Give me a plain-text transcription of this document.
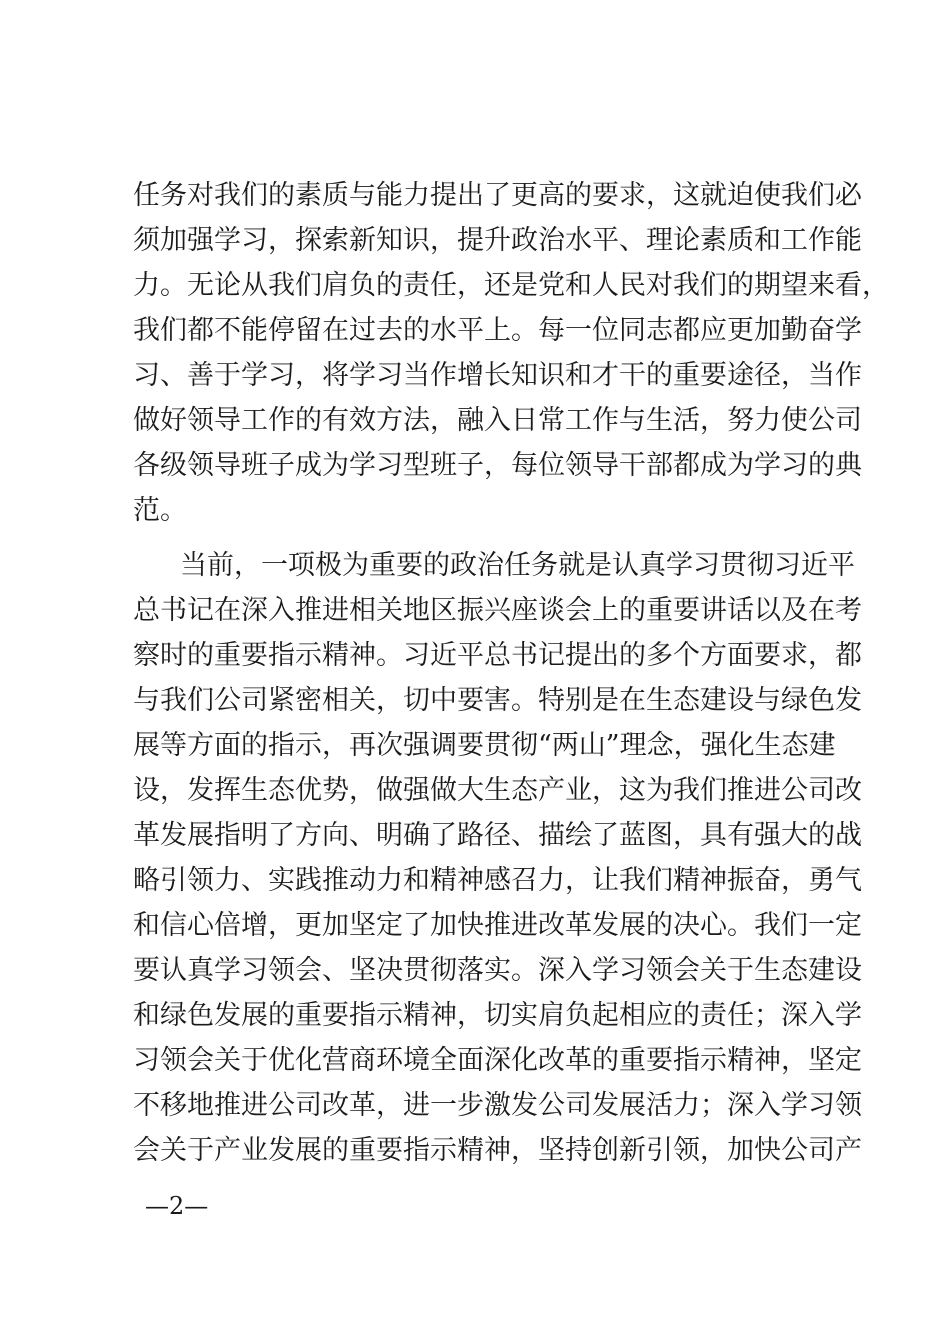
任务对我们的素质与能力提出了更高的要求，这就迫使我们必
须加强学习，探索新知识，提升政治水平、理论素质和工作能
力。无论从我们肩负的责任，还是党和人民对我们的期望来看，
我们都不能停留在过去的水平上。每一位同志都应更加勤奋学
习、善于学习，将学习当作增长知识和才干的重要途径，当作
做好领导工作的有效方法，融入日常工作与生活，努力使公司
各级领导班子成为学习型班子，每位领导干部都成为学习的典
范。
当前，一项极为重要的政治任务就是认真学习贯彻习近平
总书记在深入推进相关地区振兴座谈会上的重要讲话以及在考
察时的重要指示精神。习近平总书记提出的多个方面要求，都
与我们公司紧密相关，切中要害。特别是在生态建设与绿色发
展等方面的指示，再次强调要贯彻“两山”理念，强化生态建
设，发挥生态优势，做强做大生态产业，这为我们推进公司改
革发展指明了方向、明确了路径、描绘了蓝图，具有强大的战
略引领力、实践推动力和精神感召力，让我们精神振奋，勇气
和信心倍增，更加坚定了加快推进改革发展的决心。我们一定
要认真学习领会、坚决贯彻落实。深入学习领会关于生态建设
和绿色发展的重要指示精神，切实肩负起相应的责任；深入学
习领会关于优化营商环境全面深化改革的重要指示精神，坚定
不移地推进公司改革，进一步激发公司发展活力；深入学习领
会关于产业发展的重要指示精神，坚持创新引领，加快公司产
—2—
